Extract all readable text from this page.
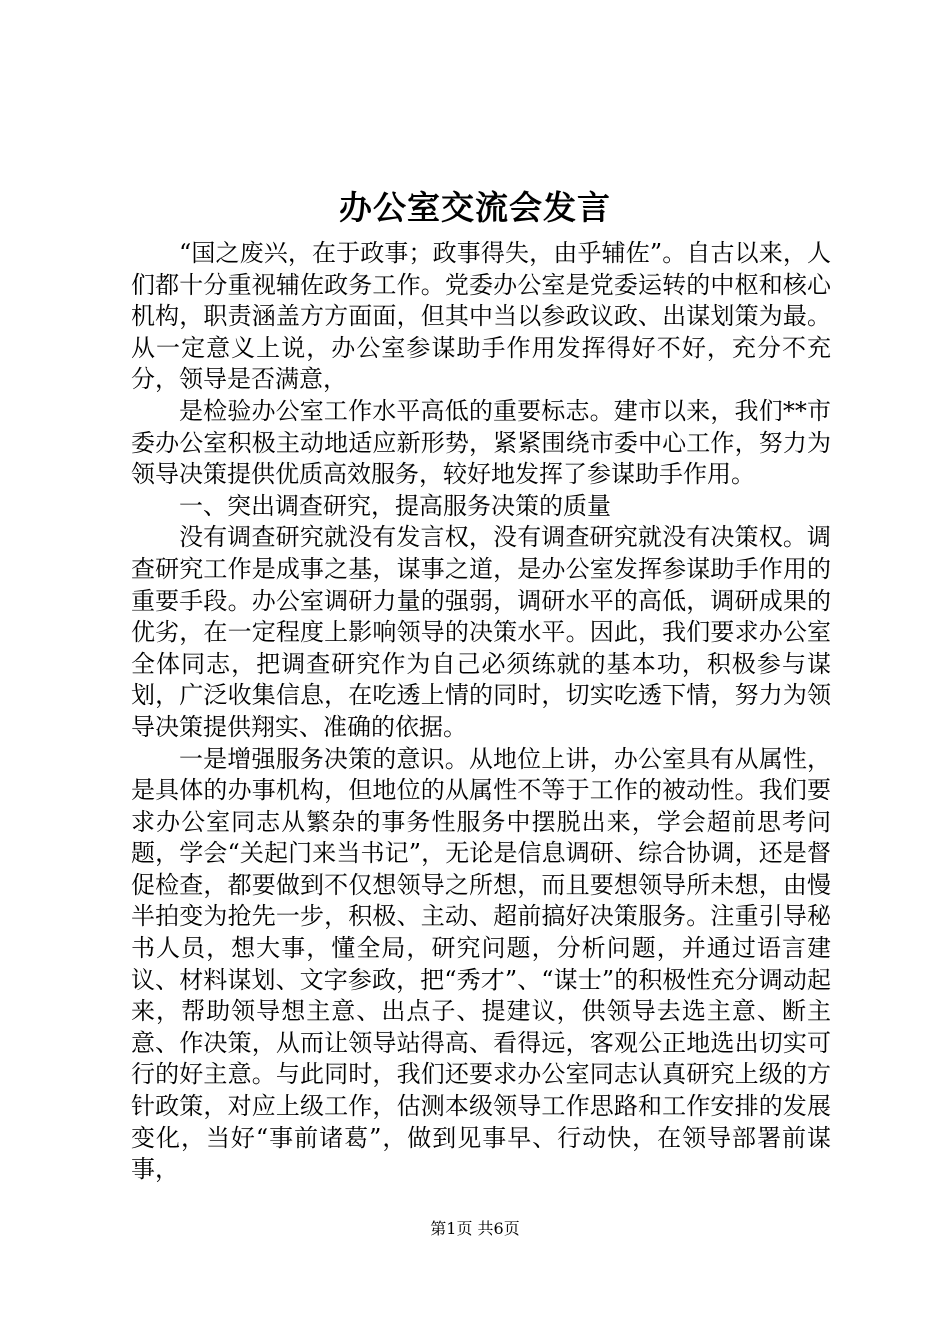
办公室交流会发言

“国之废兴，在于政事；政事得失，由乎辅佐”。自古以来，人们都十分重视辅佐政务工作。党委办公室是党委运转的中枢和核心机构，职责涵盖方方面面，但其中当以参政议政、出谋划策为最。从一定意义上说，办公室参谋助手作用发挥得好不好，充分不充分，领导是否满意，

是检验办公室工作水平高低的重要标志。建市以来，我们**市委办公室积极主动地适应新形势，紧紧围绕市委中心工作，努力为领导决策提供优质高效服务，较好地发挥了参谋助手作用。

一、突出调查研究，提高服务决策的质量

没有调查研究就没有发言权，没有调查研究就没有决策权。调查研究工作是成事之基，谋事之道，是办公室发挥参谋助手作用的重要手段。办公室调研力量的强弱，调研水平的高低，调研成果的优劣，在一定程度上影响领导的决策水平。因此，我们要求办公室全体同志，把调查研究作为自己必须练就的基本功，积极参与谋划，广泛收集信息，在吃透上情的同时，切实吃透下情，努力为领导决策提供翔实、准确的依据。

一是增强服务决策的意识。从地位上讲，办公室具有从属性，是具体的办事机构，但地位的从属性不等于工作的被动性。我们要求办公室同志从繁杂的事务性服务中摆脱出来，学会超前思考问题，学会“关起门来当书记”，无论是信息调研、综合协调，还是督促检查，都要做到不仅想领导之所想，而且要想领导所未想，由慢半拍变为抢先一步，积极、主动、超前搞好决策服务。注重引导秘书人员，想大事，懂全局，研究问题，分析问题，并通过语言建议、材料谋划、文字参政，把“秀才”、“谋士”的积极性充分调动起来，帮助领导想主意、出点子、提建议，供领导去选主意、断主意、作决策，从而让领导站得高、看得远，客观公正地选出切实可行的好主意。与此同时，我们还要求办公室同志认真研究上级的方针政策，对应上级工作，估测本级领导工作思路和工作安排的发展变化，当好“事前诸葛”，做到见事早、行动快，在领导部署前谋事，

第1页 共6页
